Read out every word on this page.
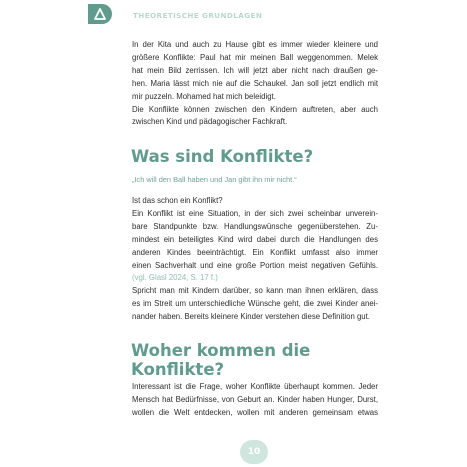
THEORETISCHE GRUNDLAGEN
In der Kita und auch zu Hause gibt es immer wieder kleinere und
größere Konflikte: Paul hat mir meinen Ball weggenommen. Melek
hat mein Bild zerrissen. Ich will jetzt aber nicht nach draußen ge-
hen. Maria lässt mich nie auf die Schaukel. Jan soll jetzt endlich mit
mir puzzeln. Mohamed hat mich beleidigt.
Die Konflikte können zwischen den Kindern auftreten, aber auch
zwischen Kind und pädagogischer Fachkraft.
Was sind Konflikte?
„Ich will den Ball haben und Jan gibt ihn mir nicht.“
Ist das schon ein Konflikt?
Ein Konflikt ist eine Situation, in der sich zwei scheinbar unverein-
bare Standpunkte bzw. Handlungswünsche gegenüberstehen. Zu-
mindest ein beteiligtes Kind wird dabei durch die Handlungen des
anderen Kindes beeinträchtigt. Ein Konflikt umfasst also immer
einen Sachverhalt und eine große Portion meist negativen Gefühls.
(vgl. Glasl 2024, S. 17 f.)
Spricht man mit Kindern darüber, so kann man ihnen erklären, dass
es im Streit um unterschiedliche Wünsche geht, die zwei Kinder anei-
nander haben. Bereits kleinere Kinder verstehen diese Definition gut.
Woher kommen die
Konflikte?
Interessant ist die Frage, woher Konflikte überhaupt kommen. Jeder
Mensch hat Bedürfnisse, von Geburt an. Kinder haben Hunger, Durst,
wollen die Welt entdecken, wollen mit anderen gemeinsam etwas
10
